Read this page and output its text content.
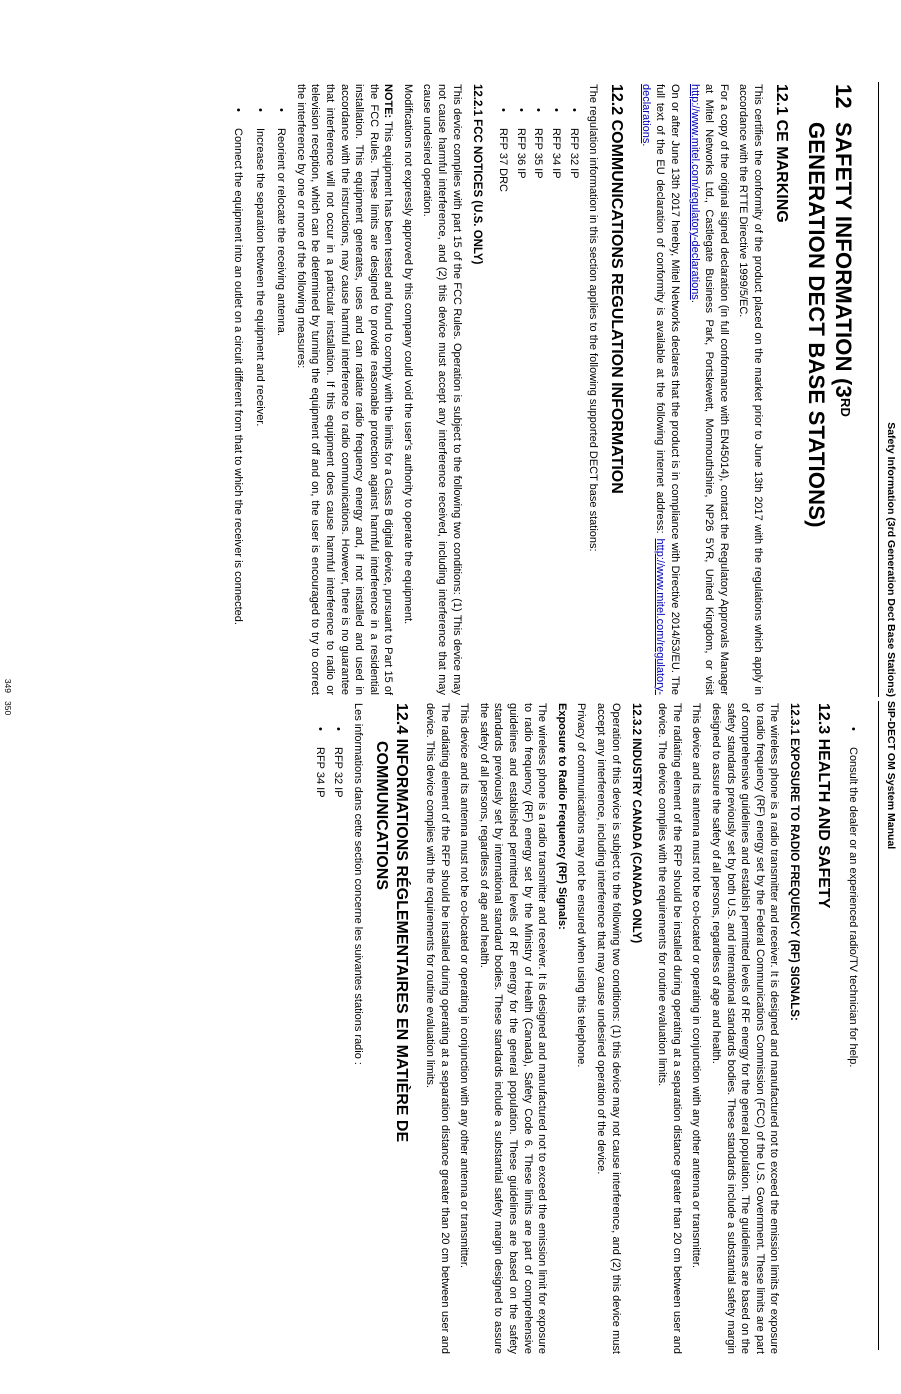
Safety Information (3rd Generation Dect Base Stations)
12SAFETY INFORMATION (3RD
GENERATION DECT BASE STATIONS)
12.1 CE MARKING

This certifies the conformity of the product placed on the market prior to June 13th 2017 with the regulations which apply in accordance with the RTTE Directive 1999/5/EC.

For a copy of the original signed declaration (in full conformance with EN45014), contact the Regulatory Approvals Manager at Mitel Networks Ltd., Castlegate Business Park, Portskewett, Monmouthshire, NP26 5YR, United Kingdom, or visit http://www.mitel.com/regulatory-declarations.

On or after June 13th 2017 hereby, Mitel Networks declares that the product is in compliance with Directive 2014/53/EU. The full text of the EU declaration of conformity is available at the following internet address: http://www.mitel.com/regulatory-declarations.

12.2 COMMUNICATIONS REGULATION INFORMATION

The regulation information in this section applies to the following supported DECT base stations:

• RFP 32 IP
• RFP 34 IP
• RFP 35 IP
• RFP 36 IP
• RFP 37 DRC
12.2.1 FCC NOTICES (U.S. ONLY)

This device complies with part 15 of the FCC Rules. Operation is subject to the following two conditions: (1) This device may not cause harmful interference, and (2) this device must accept any interference received, including interference that may cause undesired operation.

Modifications not expressly approved by this company could void the user's authority to operate the equipment.

NOTE: This equipment has been tested and found to comply with the limits for a Class B digital device, pursuant to Part 15 of the FCC Rules. These limits are designed to provide reasonable protection against harmful interference in a residential installation. This equipment generates, uses and can radiate radio frequency energy and, if not installed and used in accordance with the instructions, may cause harmful interference to radio communications. However, there is no guarantee that interference will not occur in a particular installation. If this equipment does cause harmful interference to radio or television reception, which can be determined by turning the equipment off and on, the user is encouraged to try to correct the interference by one or more of the following measures:

• Reorient or relocate the receiving antenna.
• Increase the separation between the equipment and receiver.
• Connect the equipment into an outlet on a circuit different from that to which the receiver is connected.
349
SIP-DECT OM System Manual
• Consult the dealer or an experienced radio/TV technician for help.
12.3 HEALTH AND SAFETY
12.3.1 EXPOSURE TO RADIO FREQUENCY (RF) SIGNALS:

The wireless phone is a radio transmitter and receiver. It is designed and manufactured not to exceed the emission limits for exposure to radio frequency (RF) energy set by the Federal Communications Commission (FCC) of the U.S. Government. These limits are part of comprehensive guidelines and establish permitted levels of RF energy for the general population. The guidelines are based on the safety standards previously set by both U.S. and international standards bodies. These standards include a substantial safety margin designed to assure the safety of all persons, regardless of age and health.

This device and its antenna must not be co-located or operating in conjunction with any other antenna or transmitter.

The radiating element of the RFP should be installed during operating at a separation distance greater than 20 cm between user and device. The device complies with the requirements for routine evaluation limits.

12.3.2 INDUSTRY CANADA (CANADA ONLY)

Operation of this device is subject to the following two conditions: (1) this device may not cause interference, and (2) this device must accept any interference, including interference that may cause undesired operation of the device.

Privacy of communications may not be ensured when using this telephone.

Exposure to Radio Frequency (RF) Signals:

The wireless phone is a radio transmitter and receiver. It is designed and manufactured not to exceed the emission limit for exposure to radio frequency (RF) energy set by the Ministry of Health (Canada), Safety Code 6. These limits are part of comprehensive guidelines and established permitted levels of RF energy for the general population. These guidelines are based on the safety standards previously set by international standard bodies. These standards include a substantial safety margin designed to assure the safety of all persons, regardless of age and health.

This device and its antenna must not be co-located or operating in conjunction with any other antenna or transmitter.

The radiating element of the RFP should be installed during operating at a separation distance greater than 20 cm between user and device. This device complies with the requirements for routine evaluation limits.

12.4 INFORMATIONS RÉGLEMENTAIRES EN MATIÈRE DE
COMMUNICATIONS

Les informations dans cette section concerne les suivantes stations radio :

• RFP 32 IP
• RFP 34 IP
350
